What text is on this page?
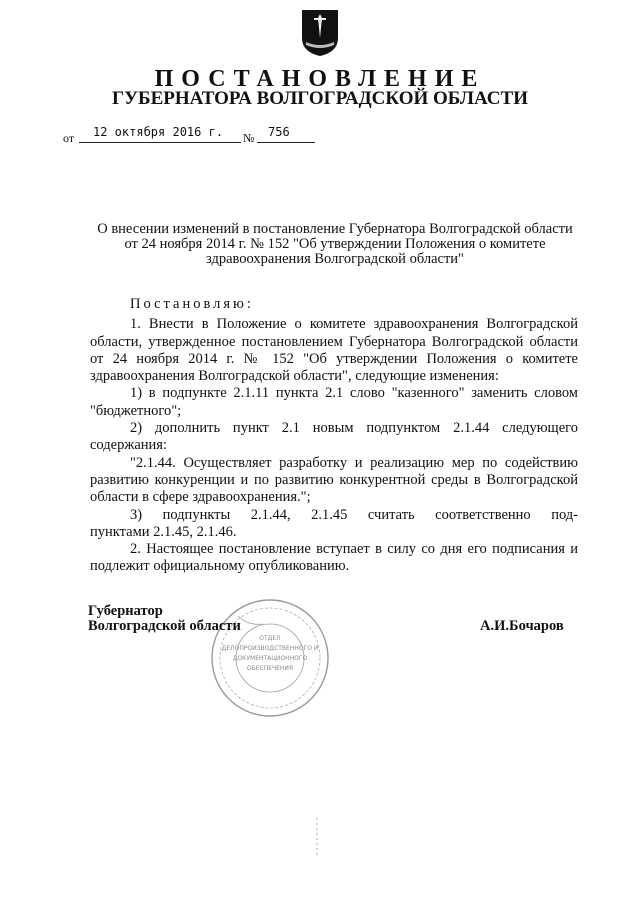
ПОСТАНОВЛЕНИЕ
ГУБЕРНАТОРА ВОЛГОГРАДСКОЙ ОБЛАСТИ
от 12 октября 2016 г. № 756
О внесении изменений в постановление Губернатора Волгоградской области
от 24 ноября 2014 г. № 152 "Об утверждении Положения о комитете
здравоохранения Волгоградской области"

Постановляю:

1. Внести в Положение о комитете здравоохранения Волгоградской области, утвержденное постановлением Губернатора Волгоградской области от 24 ноября 2014 г. № 152 "Об утверждении Положения о комитете здравоохранения Волгоградской области", следующие изменения:

1) в подпункте 2.1.11 пункта 2.1 слово "казенного" заменить словом "бюджетного";

2) дополнить пункт 2.1 новым подпунктом 2.1.44 следующего содержания:

"2.1.44. Осуществляет разработку и реализацию мер по содействию развитию конкуренции и по развитию конкурентной среды в Волгоградской области в сфере здравоохранения.";

3) подпункты 2.1.44, 2.1.45 считать соответственно под-

пунктами 2.1.45, 2.1.46.

2. Настоящее постановление вступает в силу со дня его подписания и подлежит официальному опубликованию.

ОТДЕЛ
ДЕЛОПРОИЗВОДСТВЕННОГО И
ДОКУМЕНТАЦИОННОГО
ОБЕСПЕЧЕНИЯ
Губернатор
Волгоградской области	А.И.Бочаров
